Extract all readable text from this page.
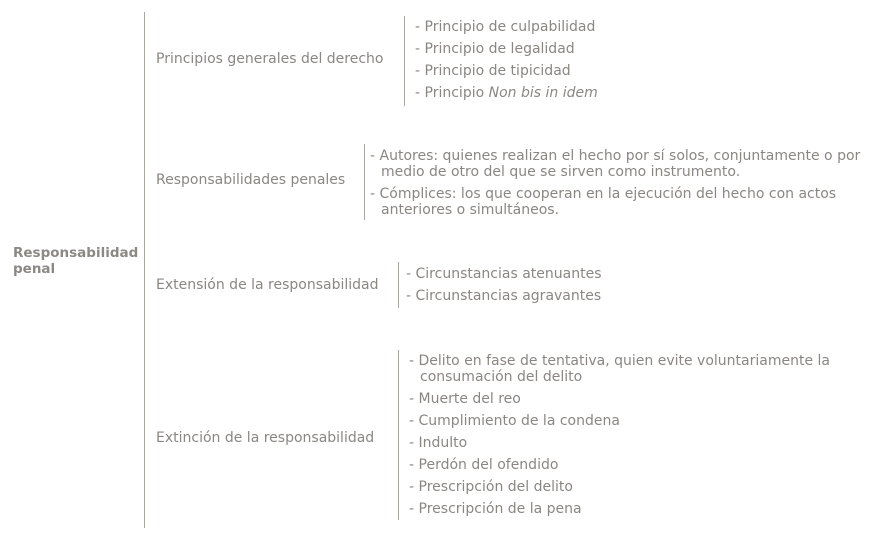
Responsabilidad penal
Principios generales del derecho
- Principio de culpabilidad
- Principio de legalidad
- Principio de tipicidad
- Principio Non bis in idem
Responsabilidades penales
- Autores: quienes realizan el hecho por sí solos, conjuntamente o por medio de otro del que se sirven como instrumento.
- Cómplices: los que cooperan en la ejecución del hecho con actos anteriores o simultáneos.
Extensión de la responsabilidad
- Circunstancias atenuantes
- Circunstancias agravantes
Extinción de la responsabilidad
- Delito en fase de tentativa, quien evite voluntariamente la consumación del delito
- Muerte del reo
- Cumplimiento de la condena
- Indulto
- Perdón del ofendido
- Prescripción del delito
- Prescripción de la pena
